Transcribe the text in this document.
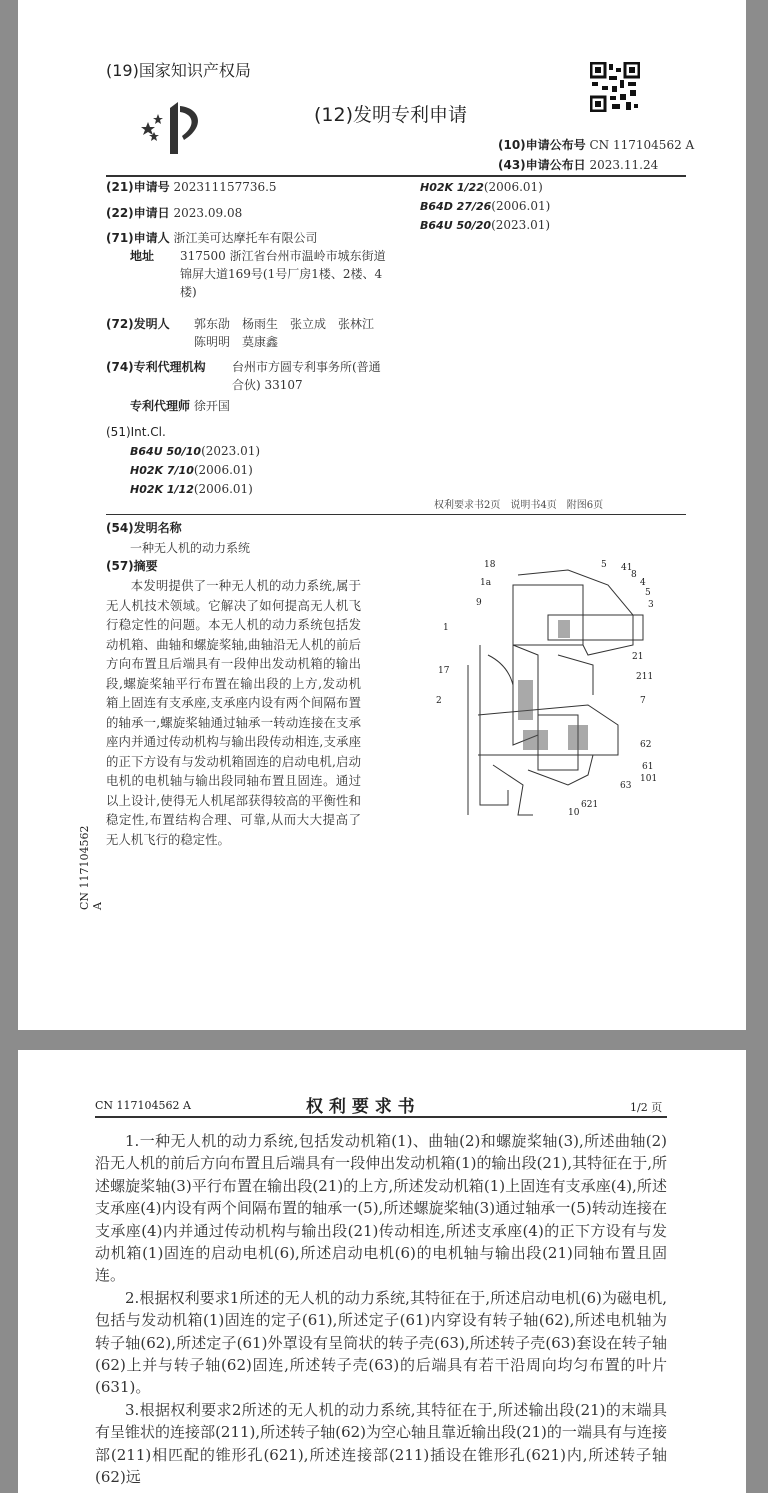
(19)国家知识产权局
(12)发明专利申请
(10)申请公布号 CN 117104562 A
(43)申请公布日 2023.11.24
(21)申请号 202311157736.5
(22)申请日 2023.09.08
(71)申请人 浙江美可达摩托车有限公司
地址	317500 浙江省台州市温岭市城东街道锦屏大道169号(1号厂房1楼、2楼、4楼)
(72)发明人	郭东劭　杨雨生　张立成　张林江　陈明明　莫康鑫
(74)专利代理机构	台州市方圆专利事务所(普通合伙) 33107
专利代理师 徐开国
(51)Int.Cl.
B64U 50/10(2023.01)
H02K 7/10(2006.01)
H02K 1/12(2006.01)
H02K 1/22(2006.01)
B64D 27/26(2006.01)
B64U 50/20(2023.01)
权利要求书2页　说明书4页　附图6页
(54)发明名称
一种无人机的动力系统
(57)摘要
本发明提供了一种无人机的动力系统,属于无人机技术领域。它解决了如何提高无人机飞行稳定性的问题。本无人机的动力系统包括发动机箱、曲轴和螺旋桨轴,曲轴沿无人机的前后方向布置且后端具有一段伸出发动机箱的输出段,螺旋桨轴平行布置在输出段的上方,发动机箱上固连有支承座,支承座内设有两个间隔布置的轴承一,螺旋桨轴通过轴承一转动连接在支承座内并通过传动机构与输出段传动相连,支承座的正下方设有与发动机箱固连的启动电机,启动电机的电机轴与输出段同轴布置且固连。通过以上设计,使得无人机尾部获得较高的平衡性和稳定性,布置结构合理、可靠,从而大大提高了无人机飞行的稳定性。
CN 117104562 A
18
1a
9
1
17
2
5 41
8
4
5
3
21
211
7
62
61
101
63
10
621
CN 117104562 A	权 利 要 求 书	1/2 页

1.一种无人机的动力系统,包括发动机箱(1)、曲轴(2)和螺旋桨轴(3),所述曲轴(2)沿无人机的前后方向布置且后端具有一段伸出发动机箱(1)的输出段(21),其特征在于,所述螺旋桨轴(3)平行布置在输出段(21)的上方,所述发动机箱(1)上固连有支承座(4),所述支承座(4)内设有两个间隔布置的轴承一(5),所述螺旋桨轴(3)通过轴承一(5)转动连接在支承座(4)内并通过传动机构与输出段(21)传动相连,所述支承座(4)的正下方设有与发动机箱(1)固连的启动电机(6),所述启动电机(6)的电机轴与输出段(21)同轴布置且固连。

2.根据权利要求1所述的无人机的动力系统,其特征在于,所述启动电机(6)为磁电机,包括与发动机箱(1)固连的定子(61),所述定子(61)内穿设有转子轴(62),所述电机轴为转子轴(62),所述定子(61)外罩设有呈筒状的转子壳(63),所述转子壳(63)套设在转子轴(62)上并与转子轴(62)固连,所述转子壳(63)的后端具有若干沿周向均匀布置的叶片(631)。

3.根据权利要求2所述的无人机的动力系统,其特征在于,所述输出段(21)的末端具有呈锥状的连接部(211),所述转子轴(62)为空心轴且靠近输出段(21)的一端具有与连接部(211)相匹配的锥形孔(621),所述连接部(211)插设在锥形孔(621)内,所述转子轴(62)远
